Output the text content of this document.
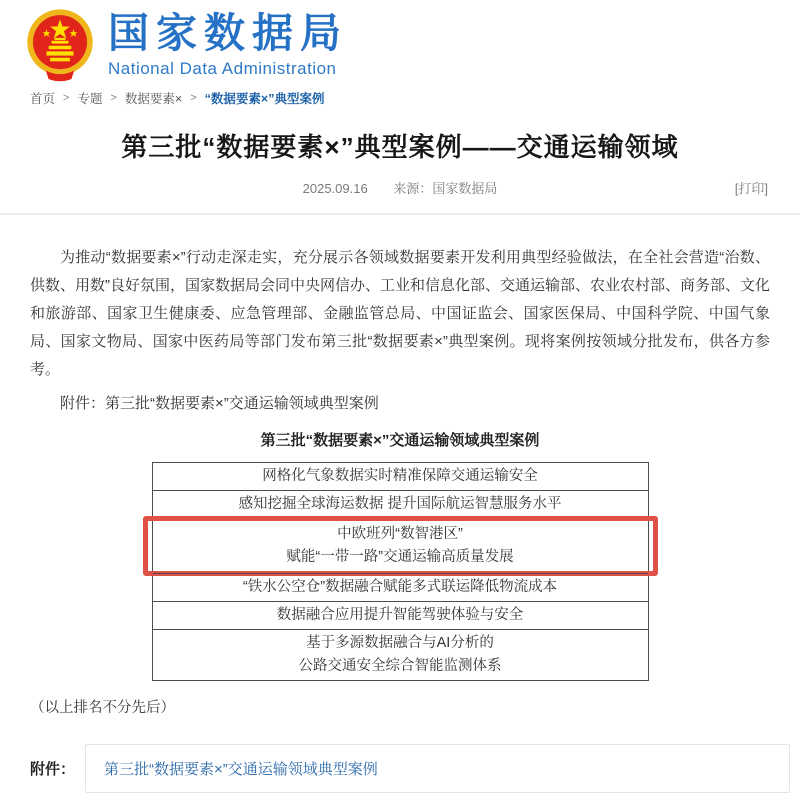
国家数据局
National Data Administration
首页 > 专题 > 数据要素× > “数据要素×”典型案例
第三批“数据要素×”典型案例——交通运输领域
2025.09.16 来源：国家数据局	[打印]

为推动“数据要素×”行动走深走实，充分展示各领域数据要素开发利用典型经验做法，在全社会营造“治数、供数、用数”良好氛围，国家数据局会同中央网信办、工业和信息化部、交通运输部、农业农村部、商务部、文化和旅游部、国家卫生健康委、应急管理部、金融监管总局、中国证监会、国家医保局、中国科学院、中国气象局、国家文物局、国家中医药局等部门发布第三批“数据要素×”典型案例。现将案例按领域分批发布，供各方参考。

附件：第三批“数据要素×”交通运输领域典型案例

第三批“数据要素×”交通运输领域典型案例
网格化气象数据实时精准保障交通运输安全
感知挖掘全球海运数据 提升国际航运智慧服务水平
中欧班列“数智港区”
赋能“一带一路”交通运输高质量发展
“铁水公空仓”数据融合赋能多式联运降低物流成本
数据融合应用提升智能驾驶体验与安全
基于多源数据融合与AI分析的
公路交通安全综合智能监测体系
（以上排名不分先后）
附件：	第三批“数据要素×”交通运输领域典型案例
